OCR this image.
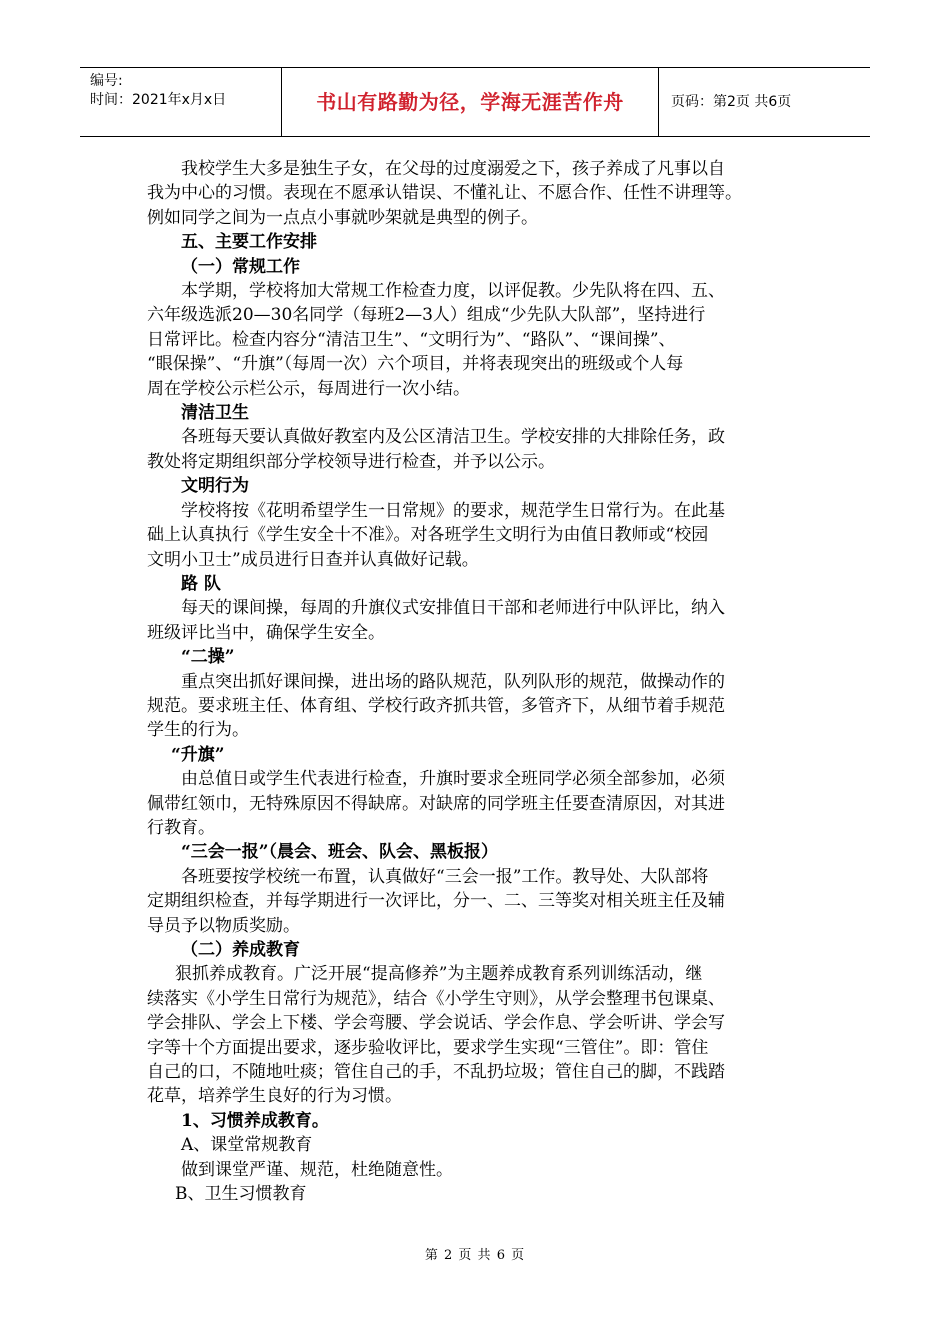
编号:
时间：2021年x月x日	书山有路勤为径，学海无涯苦作舟	页码：第2页 共6页

我校学生大多是独生子女，在父母的过度溺爱之下，孩子养成了凡事以自

我为中心的习惯。表现在不愿承认错误、不懂礼让、不愿合作、任性不讲理等。

例如同学之间为一点点小事就吵架就是典型的例子。

五、主要工作安排

（一）常规工作

本学期，学校将加大常规工作检查力度，以评促教。少先队将在四、五、

六年级选派20—30名同学（每班2—3人）组成“少先队大队部”，坚持进行

日常评比。检查内容分“清洁卫生”、“文明行为”、“路队”、“课间操”、

“眼保操”、“升旗”（每周一次）六个项目，并将表现突出的班级或个人每

周在学校公示栏公示，每周进行一次小结。

清洁卫生

各班每天要认真做好教室内及公区清洁卫生。学校安排的大排除任务，政

教处将定期组织部分学校领导进行检查，并予以公示。

文明行为

学校将按《花明希望学生一日常规》的要求，规范学生日常行为。在此基

础上认真执行《学生安全十不准》。对各班学生文明行为由值日教师或“校园

文明小卫士”成员进行日查并认真做好记载。

路 队

每天的课间操，每周的升旗仪式安排值日干部和老师进行中队评比，纳入

班级评比当中，确保学生安全。

“二操”

重点突出抓好课间操，进出场的路队规范，队列队形的规范，做操动作的

规范。要求班主任、体育组、学校行政齐抓共管，多管齐下，从细节着手规范

学生的行为。

“升旗”

由总值日或学生代表进行检查，升旗时要求全班同学必须全部参加，必须

佩带红领巾，无特殊原因不得缺席。对缺席的同学班主任要查清原因，对其进

行教育。

“三会一报”（晨会、班会、队会、黑板报）

各班要按学校统一布置，认真做好“三会一报”工作。教导处、大队部将

定期组织检查，并每学期进行一次评比，分一、二、三等奖对相关班主任及辅

导员予以物质奖励。

（二）养成教育

狠抓养成教育。广泛开展“提高修养”为主题养成教育系列训练活动，继

续落实《小学生日常行为规范》，结合《小学生守则》，从学会整理书包课桌、

学会排队、学会上下楼、学会弯腰、学会说话、学会作息、学会听讲、学会写

字等十个方面提出要求，逐步验收评比，要求学生实现“三管住”。即：管住

自己的口，不随地吐痰；管住自己的手，不乱扔垃圾；管住自己的脚，不践踏

花草，培养学生良好的行为习惯。

1、习惯养成教育。

A、课堂常规教育

做到课堂严谨、规范，杜绝随意性。

B、卫生习惯教育

第 2 页 共 6 页
